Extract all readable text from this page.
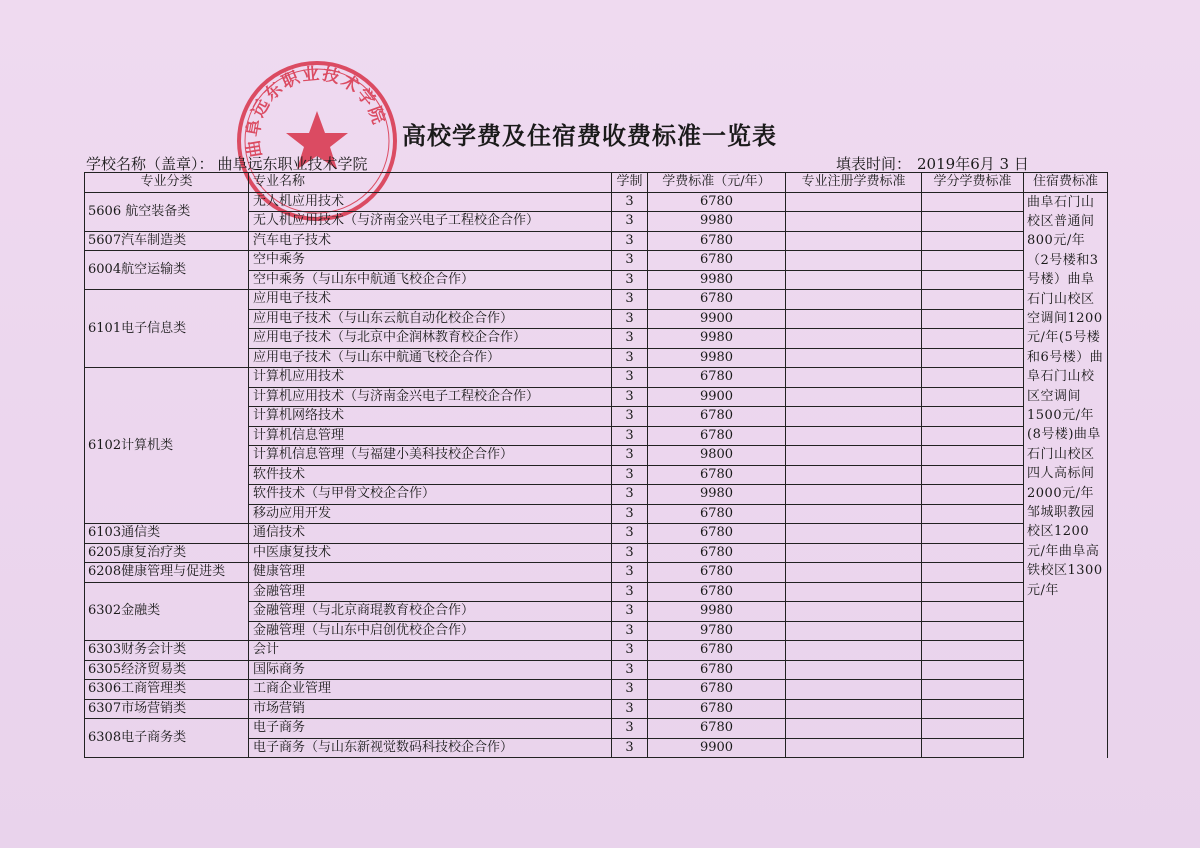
曲阜远东职业技术学院
高校学费及住宿费收费标准一览表
学校名称（盖章）： 曲阜远东职业技术学院	填表时间： 2019年6月 3 日
专业分类	专业名称	学制	学费标准（元/年）	专业注册学费标准	学分学费标准	住宿费标准
5606 航空装备类	无人机应用技术	3	6780			曲阜石门山校区普通间800元/年（2号楼和3号楼）曲阜石门山校区空调间1200元/年(5号楼和6号楼）曲阜石门山校区空调间1500元/年(8号楼)曲阜石门山校区四人高标间2000元/年邹城职教园校区1200元/年曲阜高铁校区1300元/年
	无人机应用技术（与济南金兴电子工程校企合作）	3	9980			
5607汽车制造类	汽车电子技术	3	6780			
6004航空运输类	空中乘务	3	6780			
	空中乘务（与山东中航通飞校企合作）	3	9980			
6101电子信息类	应用电子技术	3	6780			
	应用电子技术（与山东云航自动化校企合作）	3	9900			
	应用电子技术（与北京中企润林教育校企合作）	3	9980			
	应用电子技术（与山东中航通飞校企合作）	3	9980			
6102计算机类	计算机应用技术	3	6780			
	计算机应用技术（与济南金兴电子工程校企合作）	3	9900			
	计算机网络技术	3	6780			
	计算机信息管理	3	6780			
	计算机信息管理（与福建小美科技校企合作）	3	9800			
	软件技术	3	6780			
	软件技术（与甲骨文校企合作）	3	9980			
	移动应用开发	3	6780			
6103通信类	通信技术	3	6780			
6205康复治疗类	中医康复技术	3	6780			
6208健康管理与促进类	健康管理	3	6780			
6302金融类	金融管理	3	6780			
	金融管理（与北京商琨教育校企合作）	3	9980			
	金融管理（与山东中启创优校企合作）	3	9780			
6303财务会计类	会计	3	6780			
6305经济贸易类	国际商务	3	6780			
6306工商管理类	工商企业管理	3	6780			
6307市场营销类	市场营销	3	6780			
6308电子商务类	电子商务	3	6780			
	电子商务（与山东新视觉数码科技校企合作）	3	9900			
